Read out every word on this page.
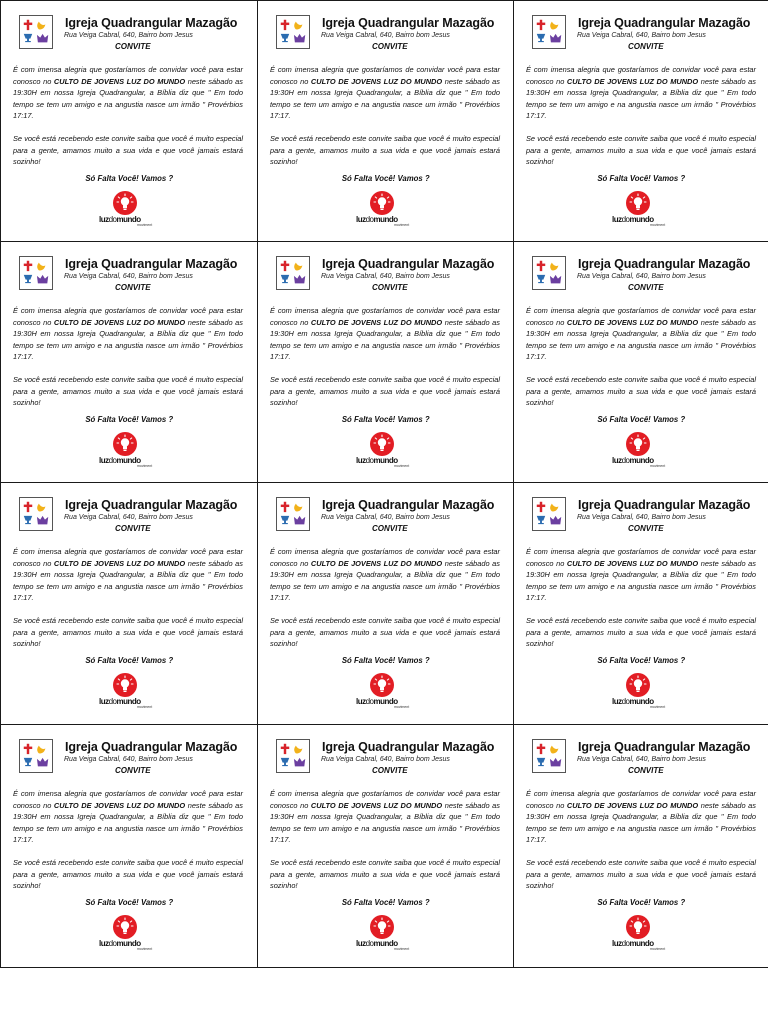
Igreja Quadrangular Mazagão
Rua Veiga Cabral, 640, Bairro bom Jesus
CONVITE

É com imensa alegria que gostaríamos de convidar você para estar conosco no CULTO DE JOVENS LUZ DO MUNDO neste sábado as 19:30H em nossa Igreja Quadrangular, a Bíblia diz que " Em todo tempo se tem um amigo e na angustia nasce um irmão " Provérbios 17:17.

Se você está recebendo este convite saiba que você é muito especial para a gente, amamos muito a sua vida e que você jamais estará sozinho!

Só Falta Você! Vamos ?
luzdomundo
moviment
Igreja Quadrangular Mazagão
Rua Veiga Cabral, 640, Bairro bom Jesus
CONVITE

É com imensa alegria que gostaríamos de convidar você para estar conosco no CULTO DE JOVENS LUZ DO MUNDO neste sábado as 19:30H em nossa Igreja Quadrangular, a Bíblia diz que " Em todo tempo se tem um amigo e na angustia nasce um irmão " Provérbios 17:17.

Se você está recebendo este convite saiba que você é muito especial para a gente, amamos muito a sua vida e que você jamais estará sozinho!

Só Falta Você! Vamos ?
luzdomundo
moviment
Igreja Quadrangular Mazagão
Rua Veiga Cabral, 640, Bairro bom Jesus
CONVITE

É com imensa alegria que gostaríamos de convidar você para estar conosco no CULTO DE JOVENS LUZ DO MUNDO neste sábado as 19:30H em nossa Igreja Quadrangular, a Bíblia diz que " Em todo tempo se tem um amigo e na angustia nasce um irmão " Provérbios 17:17.

Se você está recebendo este convite saiba que você é muito especial para a gente, amamos muito a sua vida e que você jamais estará sozinho!

Só Falta Você! Vamos ?
luzdomundo
moviment
Igreja Quadrangular Mazagão
Rua Veiga Cabral, 640, Bairro bom Jesus
CONVITE

É com imensa alegria que gostaríamos de convidar você para estar conosco no CULTO DE JOVENS LUZ DO MUNDO neste sábado as 19:30H em nossa Igreja Quadrangular, a Bíblia diz que " Em todo tempo se tem um amigo e na angustia nasce um irmão " Provérbios 17:17.

Se você está recebendo este convite saiba que você é muito especial para a gente, amamos muito a sua vida e que você jamais estará sozinho!

Só Falta Você! Vamos ?
luzdomundo
moviment
Igreja Quadrangular Mazagão
Rua Veiga Cabral, 640, Bairro bom Jesus
CONVITE

É com imensa alegria que gostaríamos de convidar você para estar conosco no CULTO DE JOVENS LUZ DO MUNDO neste sábado as 19:30H em nossa Igreja Quadrangular, a Bíblia diz que " Em todo tempo se tem um amigo e na angustia nasce um irmão " Provérbios 17:17.

Se você está recebendo este convite saiba que você é muito especial para a gente, amamos muito a sua vida e que você jamais estará sozinho!

Só Falta Você! Vamos ?
luzdomundo
moviment
Igreja Quadrangular Mazagão
Rua Veiga Cabral, 640, Bairro bom Jesus
CONVITE

É com imensa alegria que gostaríamos de convidar você para estar conosco no CULTO DE JOVENS LUZ DO MUNDO neste sábado as 19:30H em nossa Igreja Quadrangular, a Bíblia diz que " Em todo tempo se tem um amigo e na angustia nasce um irmão " Provérbios 17:17.

Se você está recebendo este convite saiba que você é muito especial para a gente, amamos muito a sua vida e que você jamais estará sozinho!

Só Falta Você! Vamos ?
luzdomundo
moviment
Igreja Quadrangular Mazagão
Rua Veiga Cabral, 640, Bairro bom Jesus
CONVITE

É com imensa alegria que gostaríamos de convidar você para estar conosco no CULTO DE JOVENS LUZ DO MUNDO neste sábado as 19:30H em nossa Igreja Quadrangular, a Bíblia diz que " Em todo tempo se tem um amigo e na angustia nasce um irmão " Provérbios 17:17.

Se você está recebendo este convite saiba que você é muito especial para a gente, amamos muito a sua vida e que você jamais estará sozinho!

Só Falta Você! Vamos ?
luzdomundo
moviment
Igreja Quadrangular Mazagão
Rua Veiga Cabral, 640, Bairro bom Jesus
CONVITE

É com imensa alegria que gostaríamos de convidar você para estar conosco no CULTO DE JOVENS LUZ DO MUNDO neste sábado as 19:30H em nossa Igreja Quadrangular, a Bíblia diz que " Em todo tempo se tem um amigo e na angustia nasce um irmão " Provérbios 17:17.

Se você está recebendo este convite saiba que você é muito especial para a gente, amamos muito a sua vida e que você jamais estará sozinho!

Só Falta Você! Vamos ?
luzdomundo
moviment
Igreja Quadrangular Mazagão
Rua Veiga Cabral, 640, Bairro bom Jesus
CONVITE

É com imensa alegria que gostaríamos de convidar você para estar conosco no CULTO DE JOVENS LUZ DO MUNDO neste sábado as 19:30H em nossa Igreja Quadrangular, a Bíblia diz que " Em todo tempo se tem um amigo e na angustia nasce um irmão " Provérbios 17:17.

Se você está recebendo este convite saiba que você é muito especial para a gente, amamos muito a sua vida e que você jamais estará sozinho!

Só Falta Você! Vamos ?
luzdomundo
moviment
Igreja Quadrangular Mazagão
Rua Veiga Cabral, 640, Bairro bom Jesus
CONVITE

É com imensa alegria que gostaríamos de convidar você para estar conosco no CULTO DE JOVENS LUZ DO MUNDO neste sábado as 19:30H em nossa Igreja Quadrangular, a Bíblia diz que " Em todo tempo se tem um amigo e na angustia nasce um irmão " Provérbios 17:17.

Se você está recebendo este convite saiba que você é muito especial para a gente, amamos muito a sua vida e que você jamais estará sozinho!

Só Falta Você! Vamos ?
luzdomundo
moviment
Igreja Quadrangular Mazagão
Rua Veiga Cabral, 640, Bairro bom Jesus
CONVITE

É com imensa alegria que gostaríamos de convidar você para estar conosco no CULTO DE JOVENS LUZ DO MUNDO neste sábado as 19:30H em nossa Igreja Quadrangular, a Bíblia diz que " Em todo tempo se tem um amigo e na angustia nasce um irmão " Provérbios 17:17.

Se você está recebendo este convite saiba que você é muito especial para a gente, amamos muito a sua vida e que você jamais estará sozinho!

Só Falta Você! Vamos ?
luzdomundo
moviment
Igreja Quadrangular Mazagão
Rua Veiga Cabral, 640, Bairro bom Jesus
CONVITE

É com imensa alegria que gostaríamos de convidar você para estar conosco no CULTO DE JOVENS LUZ DO MUNDO neste sábado as 19:30H em nossa Igreja Quadrangular, a Bíblia diz que " Em todo tempo se tem um amigo e na angustia nasce um irmão " Provérbios 17:17.

Se você está recebendo este convite saiba que você é muito especial para a gente, amamos muito a sua vida e que você jamais estará sozinho!

Só Falta Você! Vamos ?
luzdomundo
moviment
